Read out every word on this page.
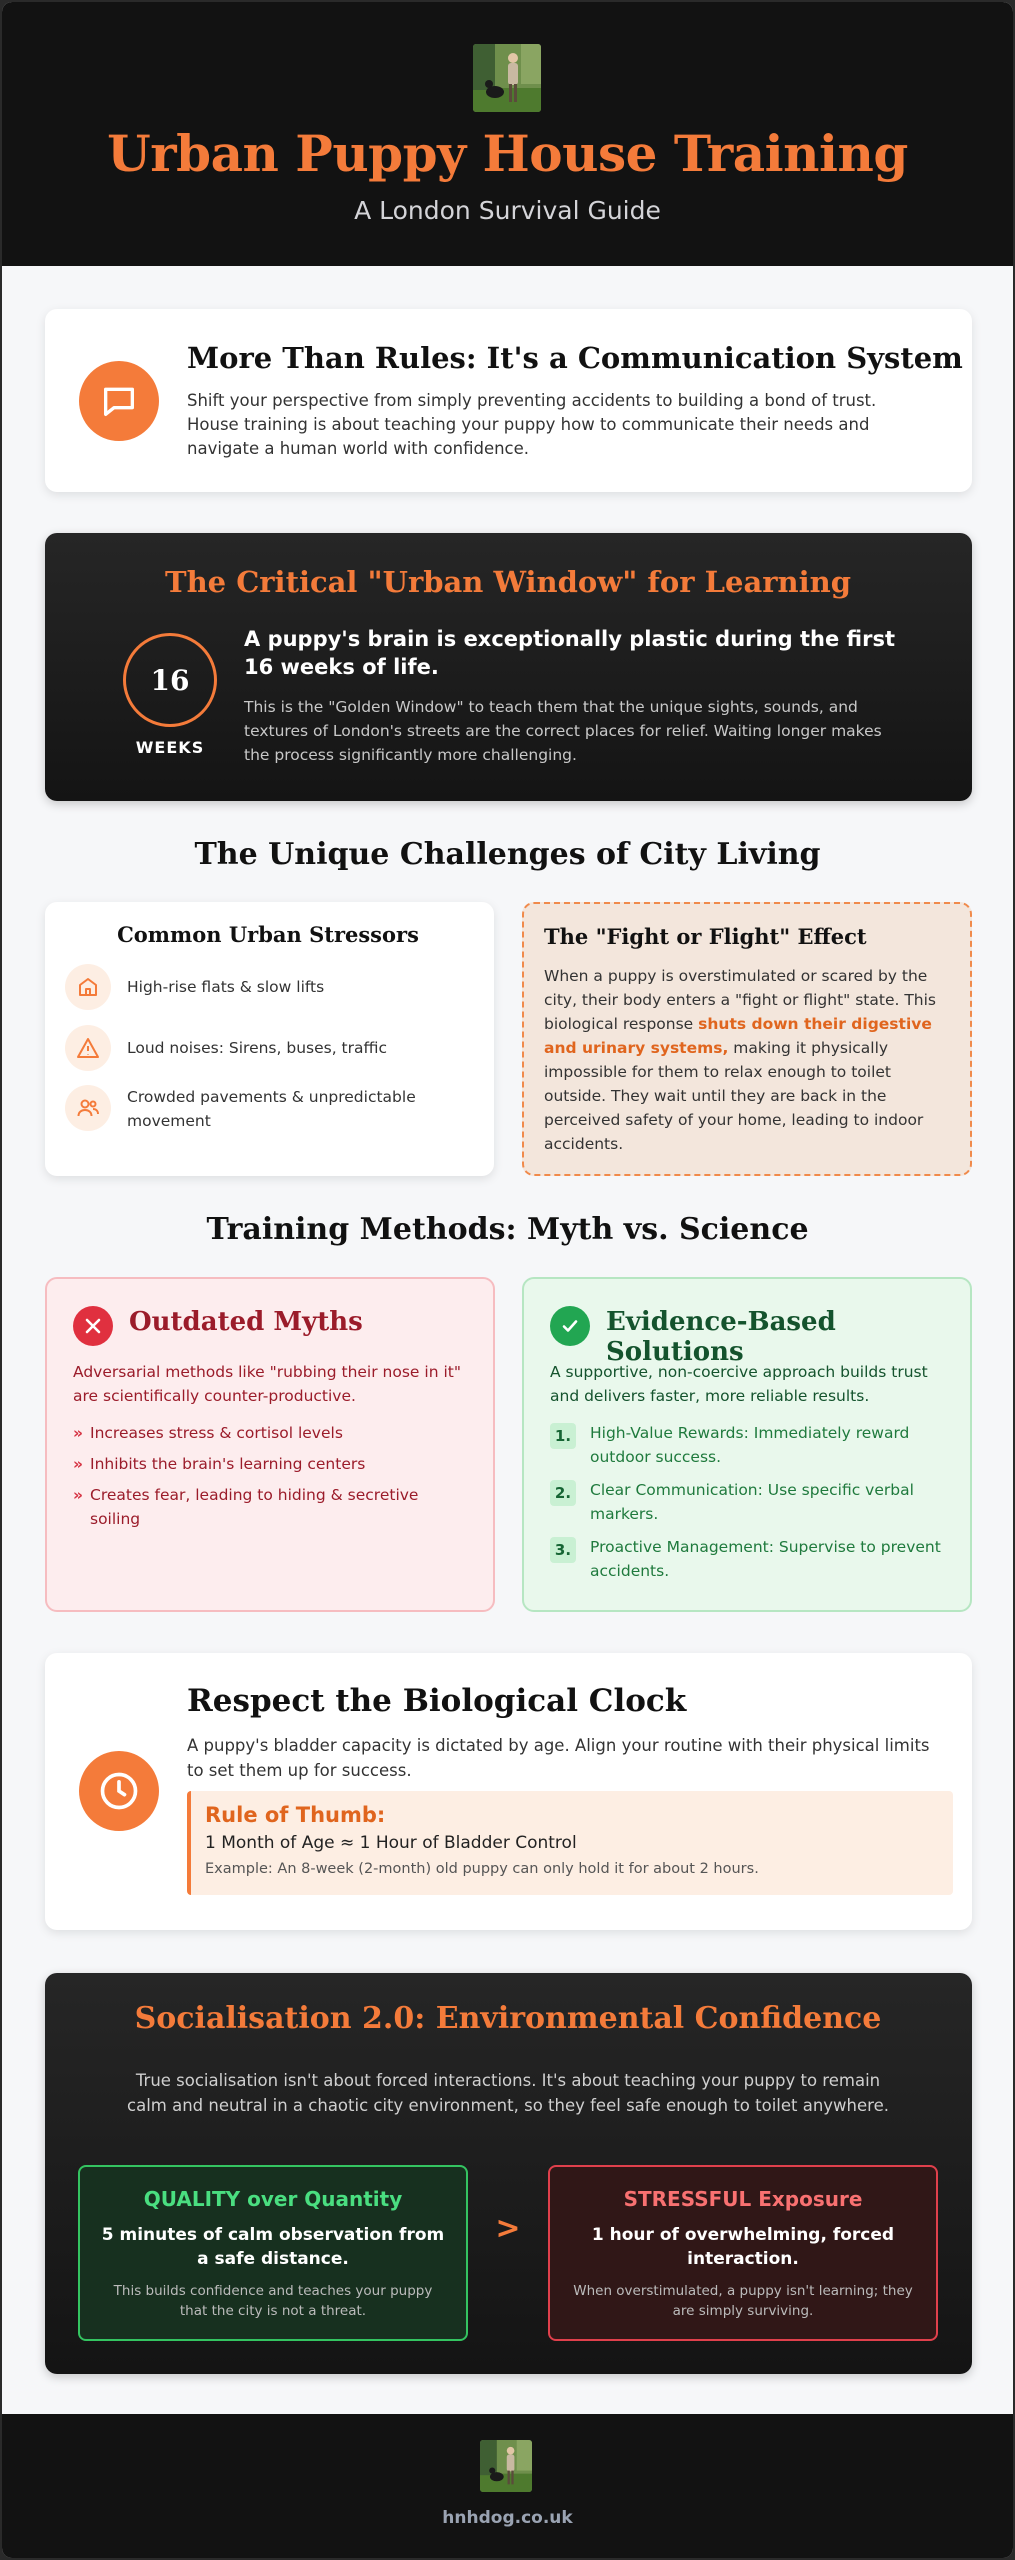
Urban Puppy House Training
A London Survival Guide
More Than Rules: It's a Communication System
Shift your perspective from simply preventing accidents to building a bond of trust. House training is about teaching your puppy how to communicate their needs and navigate a human world with confidence.
The Critical "Urban Window" for Learning
16
WEEKS
A puppy's brain is exceptionally plastic during the first 16 weeks of life.
This is the "Golden Window" to teach them that the unique sights, sounds, and textures of London's streets are the correct places for relief. Waiting longer makes the process significantly more challenging.
The Unique Challenges of City Living
Common Urban Stressors
High-rise flats & slow lifts
Loud noises: Sirens, buses, traffic
Crowded pavements & unpredictable movement
The "Fight or Flight" Effect
When a puppy is overstimulated or scared by the city, their body enters a "fight or flight" state. This biological response shuts down their digestive and urinary systems, making it physically impossible for them to relax enough to toilet outside. They wait until they are back in the perceived safety of your home, leading to indoor accidents.
Training Methods: Myth vs. Science
Outdated Myths
Adversarial methods like "rubbing their nose in it" are scientifically counter-productive.
» Increases stress & cortisol levels
» Inhibits the brain's learning centers
» Creates fear, leading to hiding & secretive soiling
Evidence-Based Solutions
A supportive, non-coercive approach builds trust and delivers faster, more reliable results.
1.	High-Value Rewards: Immediately reward outdoor success.
2.	Clear Communication: Use specific verbal markers.
3.	Proactive Management: Supervise to prevent accidents.
Respect the Biological Clock
A puppy's bladder capacity is dictated by age. Align your routine with their physical limits to set them up for success.
Rule of Thumb:
1 Month of Age ≈ 1 Hour of Bladder Control
Example: An 8-week (2-month) old puppy can only hold it for about 2 hours.
Socialisation 2.0: Environmental Confidence
True socialisation isn't about forced interactions. It's about teaching your puppy to remain calm and neutral in a chaotic city environment, so they feel safe enough to toilet anywhere.
QUALITY over Quantity
5 minutes of calm observation from a safe distance.
This builds confidence and teaches your puppy that the city is not a threat.
>
STRESSFUL Exposure
1 hour of overwhelming, forced interaction.
When overstimulated, a puppy isn't learning; they are simply surviving.
hnhdog.co.uk
